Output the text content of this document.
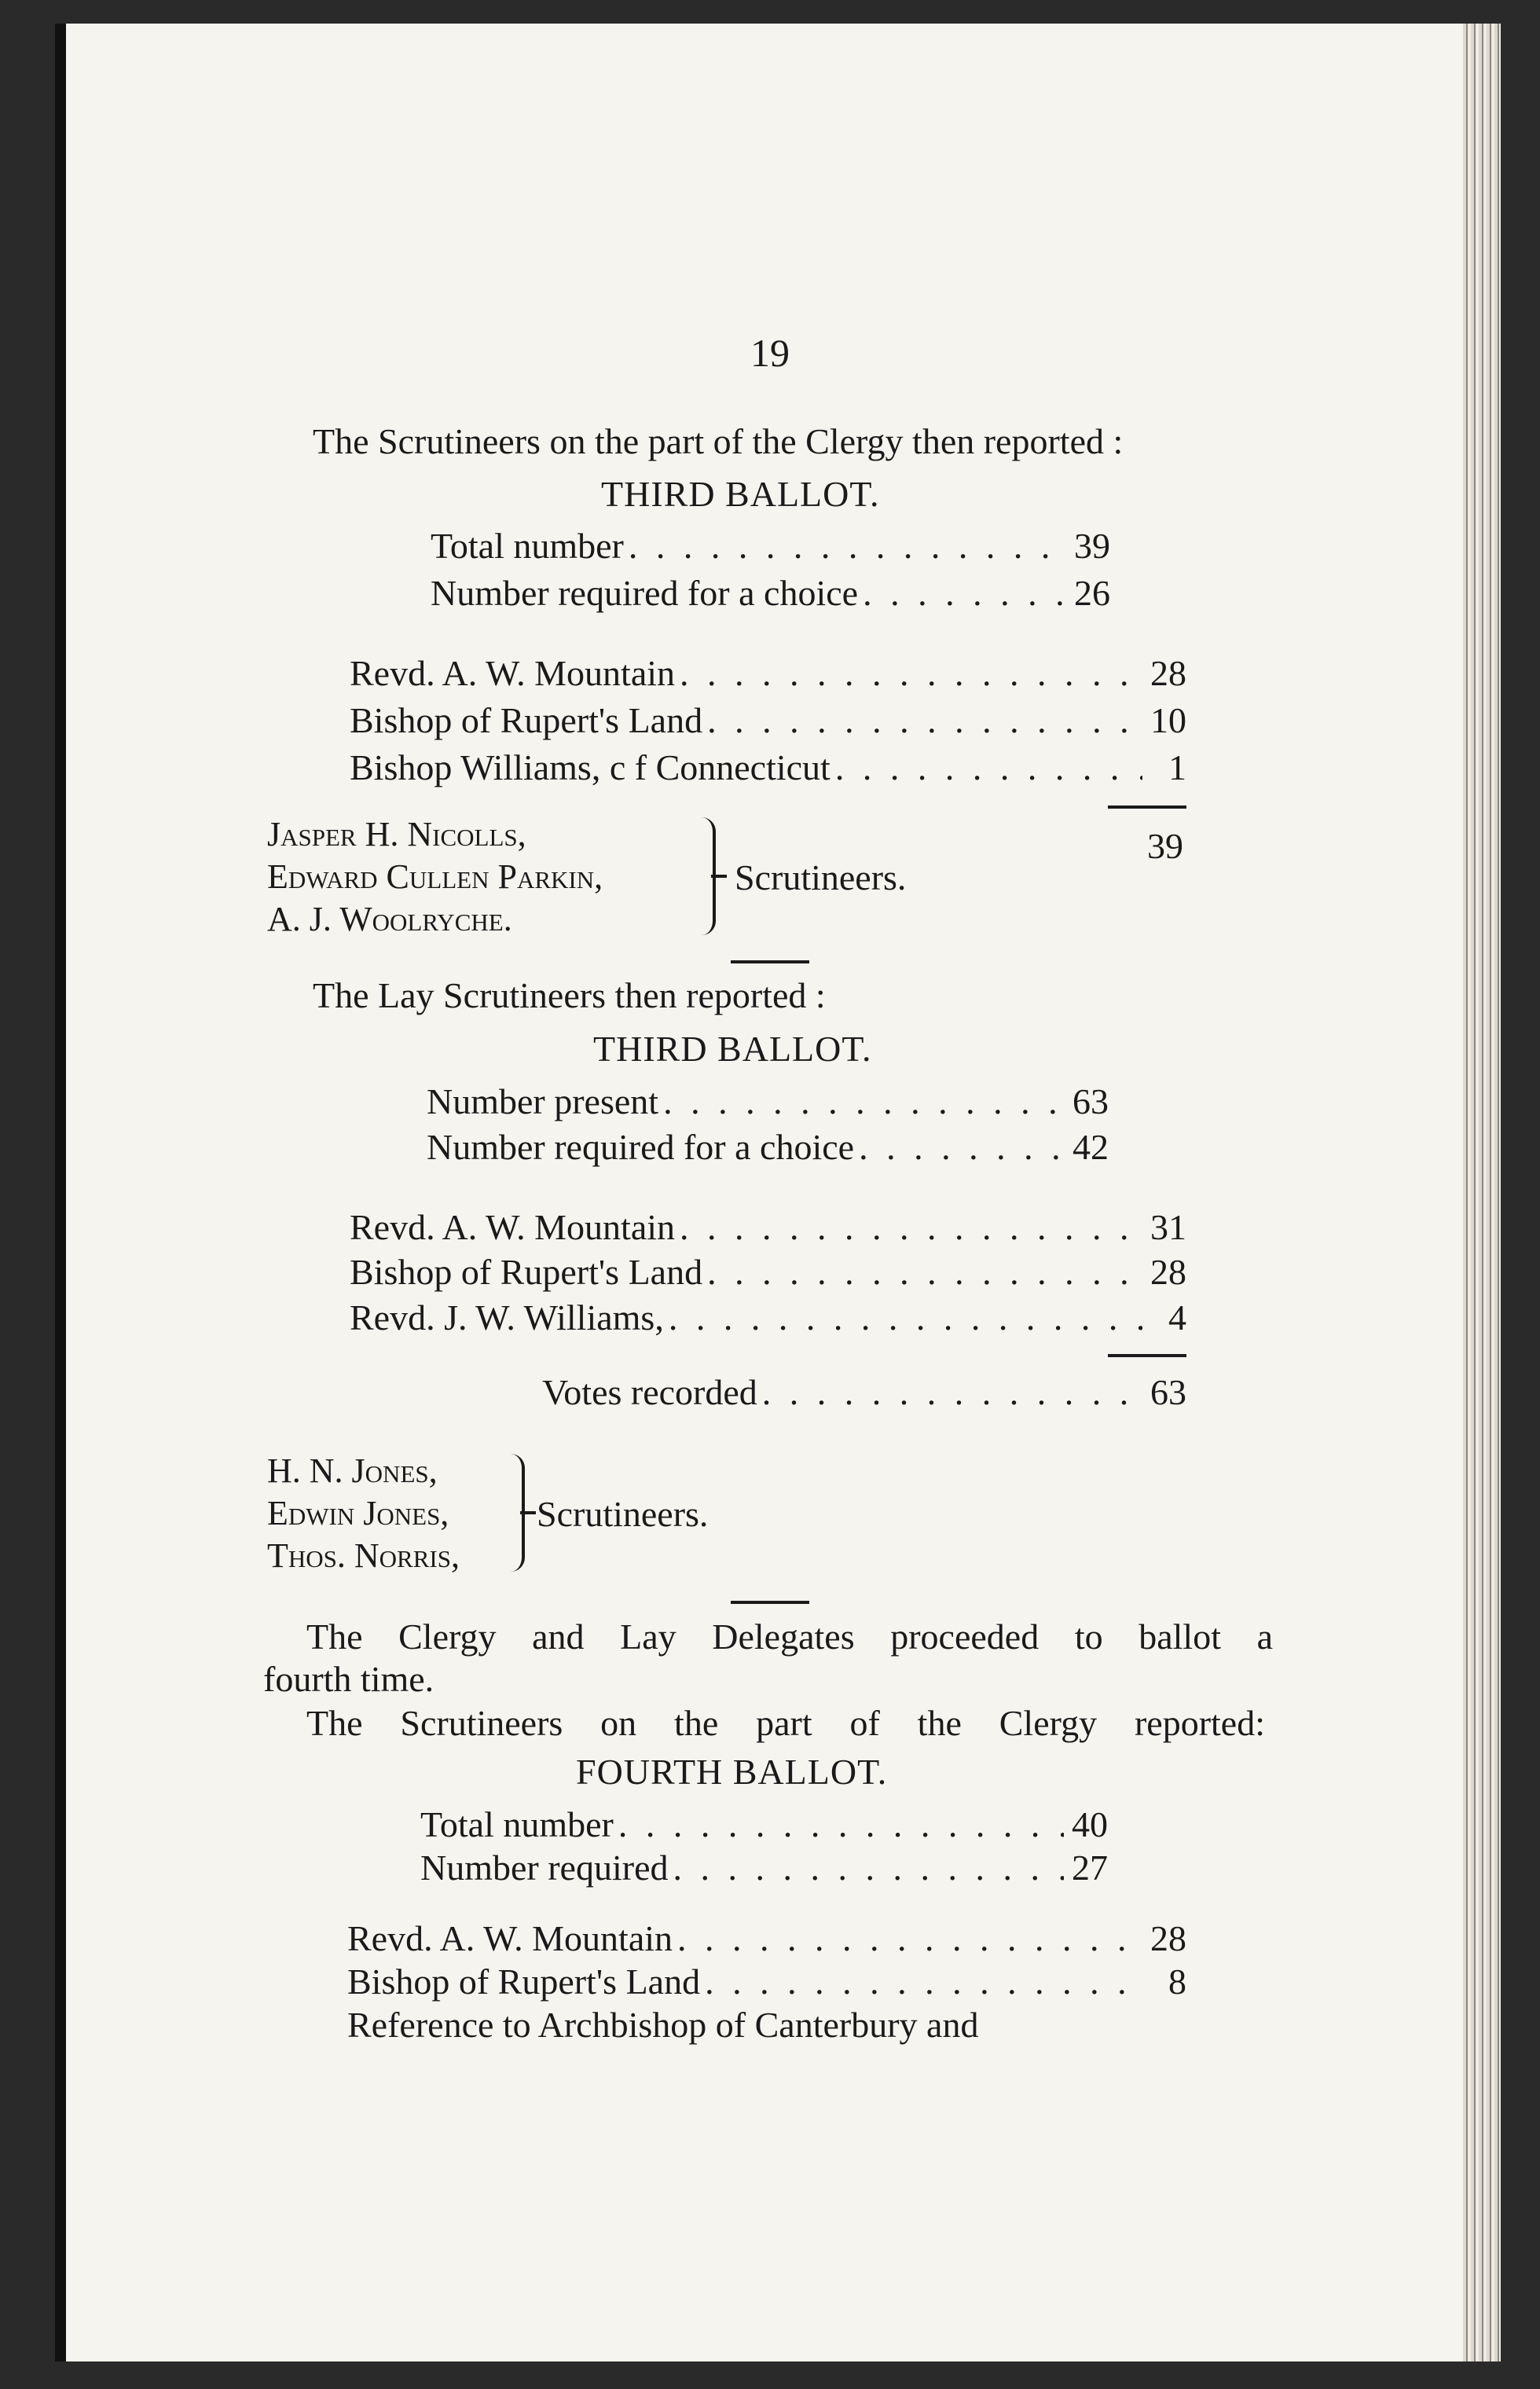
19
The Scrutineers on the part of the Clergy then reported :
THIRD BALLOT.
Total number . . .	39
Number required for a choice . . .	26
Revd. A. W. Mountain . . .	28
Bishop of Rupert's Land . . .	10
Bishop Williams, c f Connecticut . . .	1
39
Jasper H. Nicolls,
Edward Cullen Parkin,
A. J. Woolryche.
Scrutineers.
The Lay Scrutineers then reported :
THIRD BALLOT.
Number present . . .	63
Number required for a choice . . .	42
Revd. A. W. Mountain . . .	31
Bishop of Rupert's Land . . .	28
Revd. J. W. Williams, . . .	4
Votes recorded . . .	63
H. N. Jones,
Edwin Jones,
Thos. Norris,
Scrutineers.
The Clergy and Lay Delegates proceeded to ballot a
fourth time.
The Scrutineers on the part of the Clergy reported:
FOURTH BALLOT.
Total number . . .	40
Number required . . .	27
Revd. A. W. Mountain . . .	28
Bishop of Rupert's Land . . .	8
Reference to Archbishop of Canterbury and
